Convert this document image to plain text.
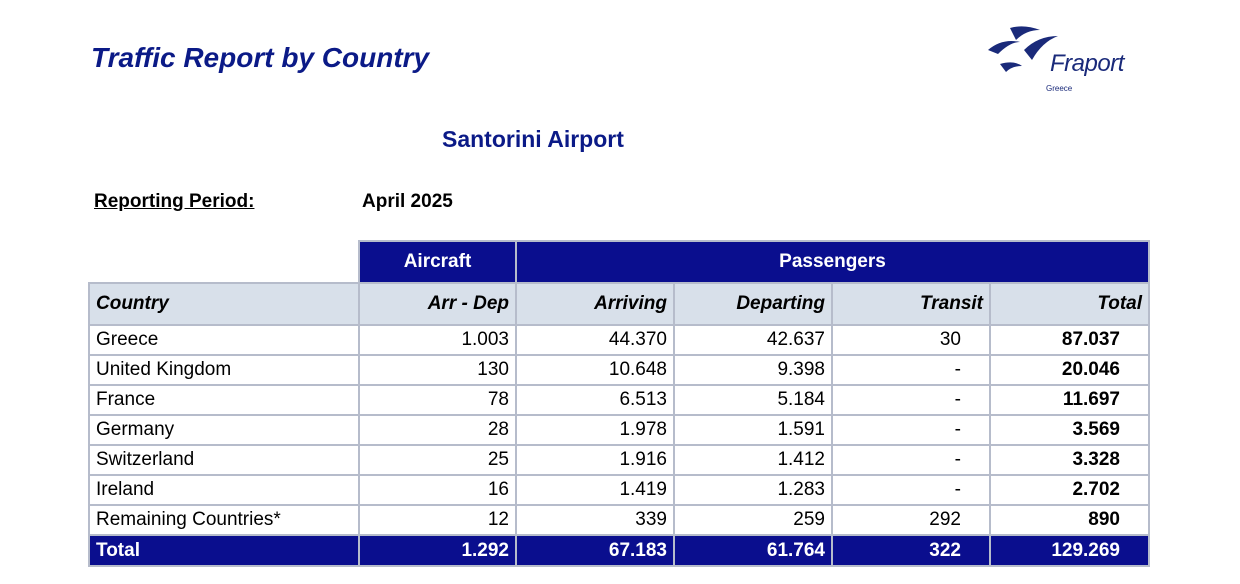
Traffic Report by Country	Fraport
Greece
Santorini Airport
Reporting Period:	April 2025
	Aircraft	Passengers			
Country	Arr - Dep	Arriving	Departing	Transit	Total
Greece	1.003	44.370	42.637	30	87.037
United Kingdom	130	10.648	9.398	-	20.046
France	78	6.513	5.184	-	11.697
Germany	28	1.978	1.591	-	3.569
Switzerland	25	1.916	1.412	-	3.328
Ireland	16	1.419	1.283	-	2.702
Remaining Countries*	12	339	259	292	890
Total	1.292	67.183	61.764	322	129.269
